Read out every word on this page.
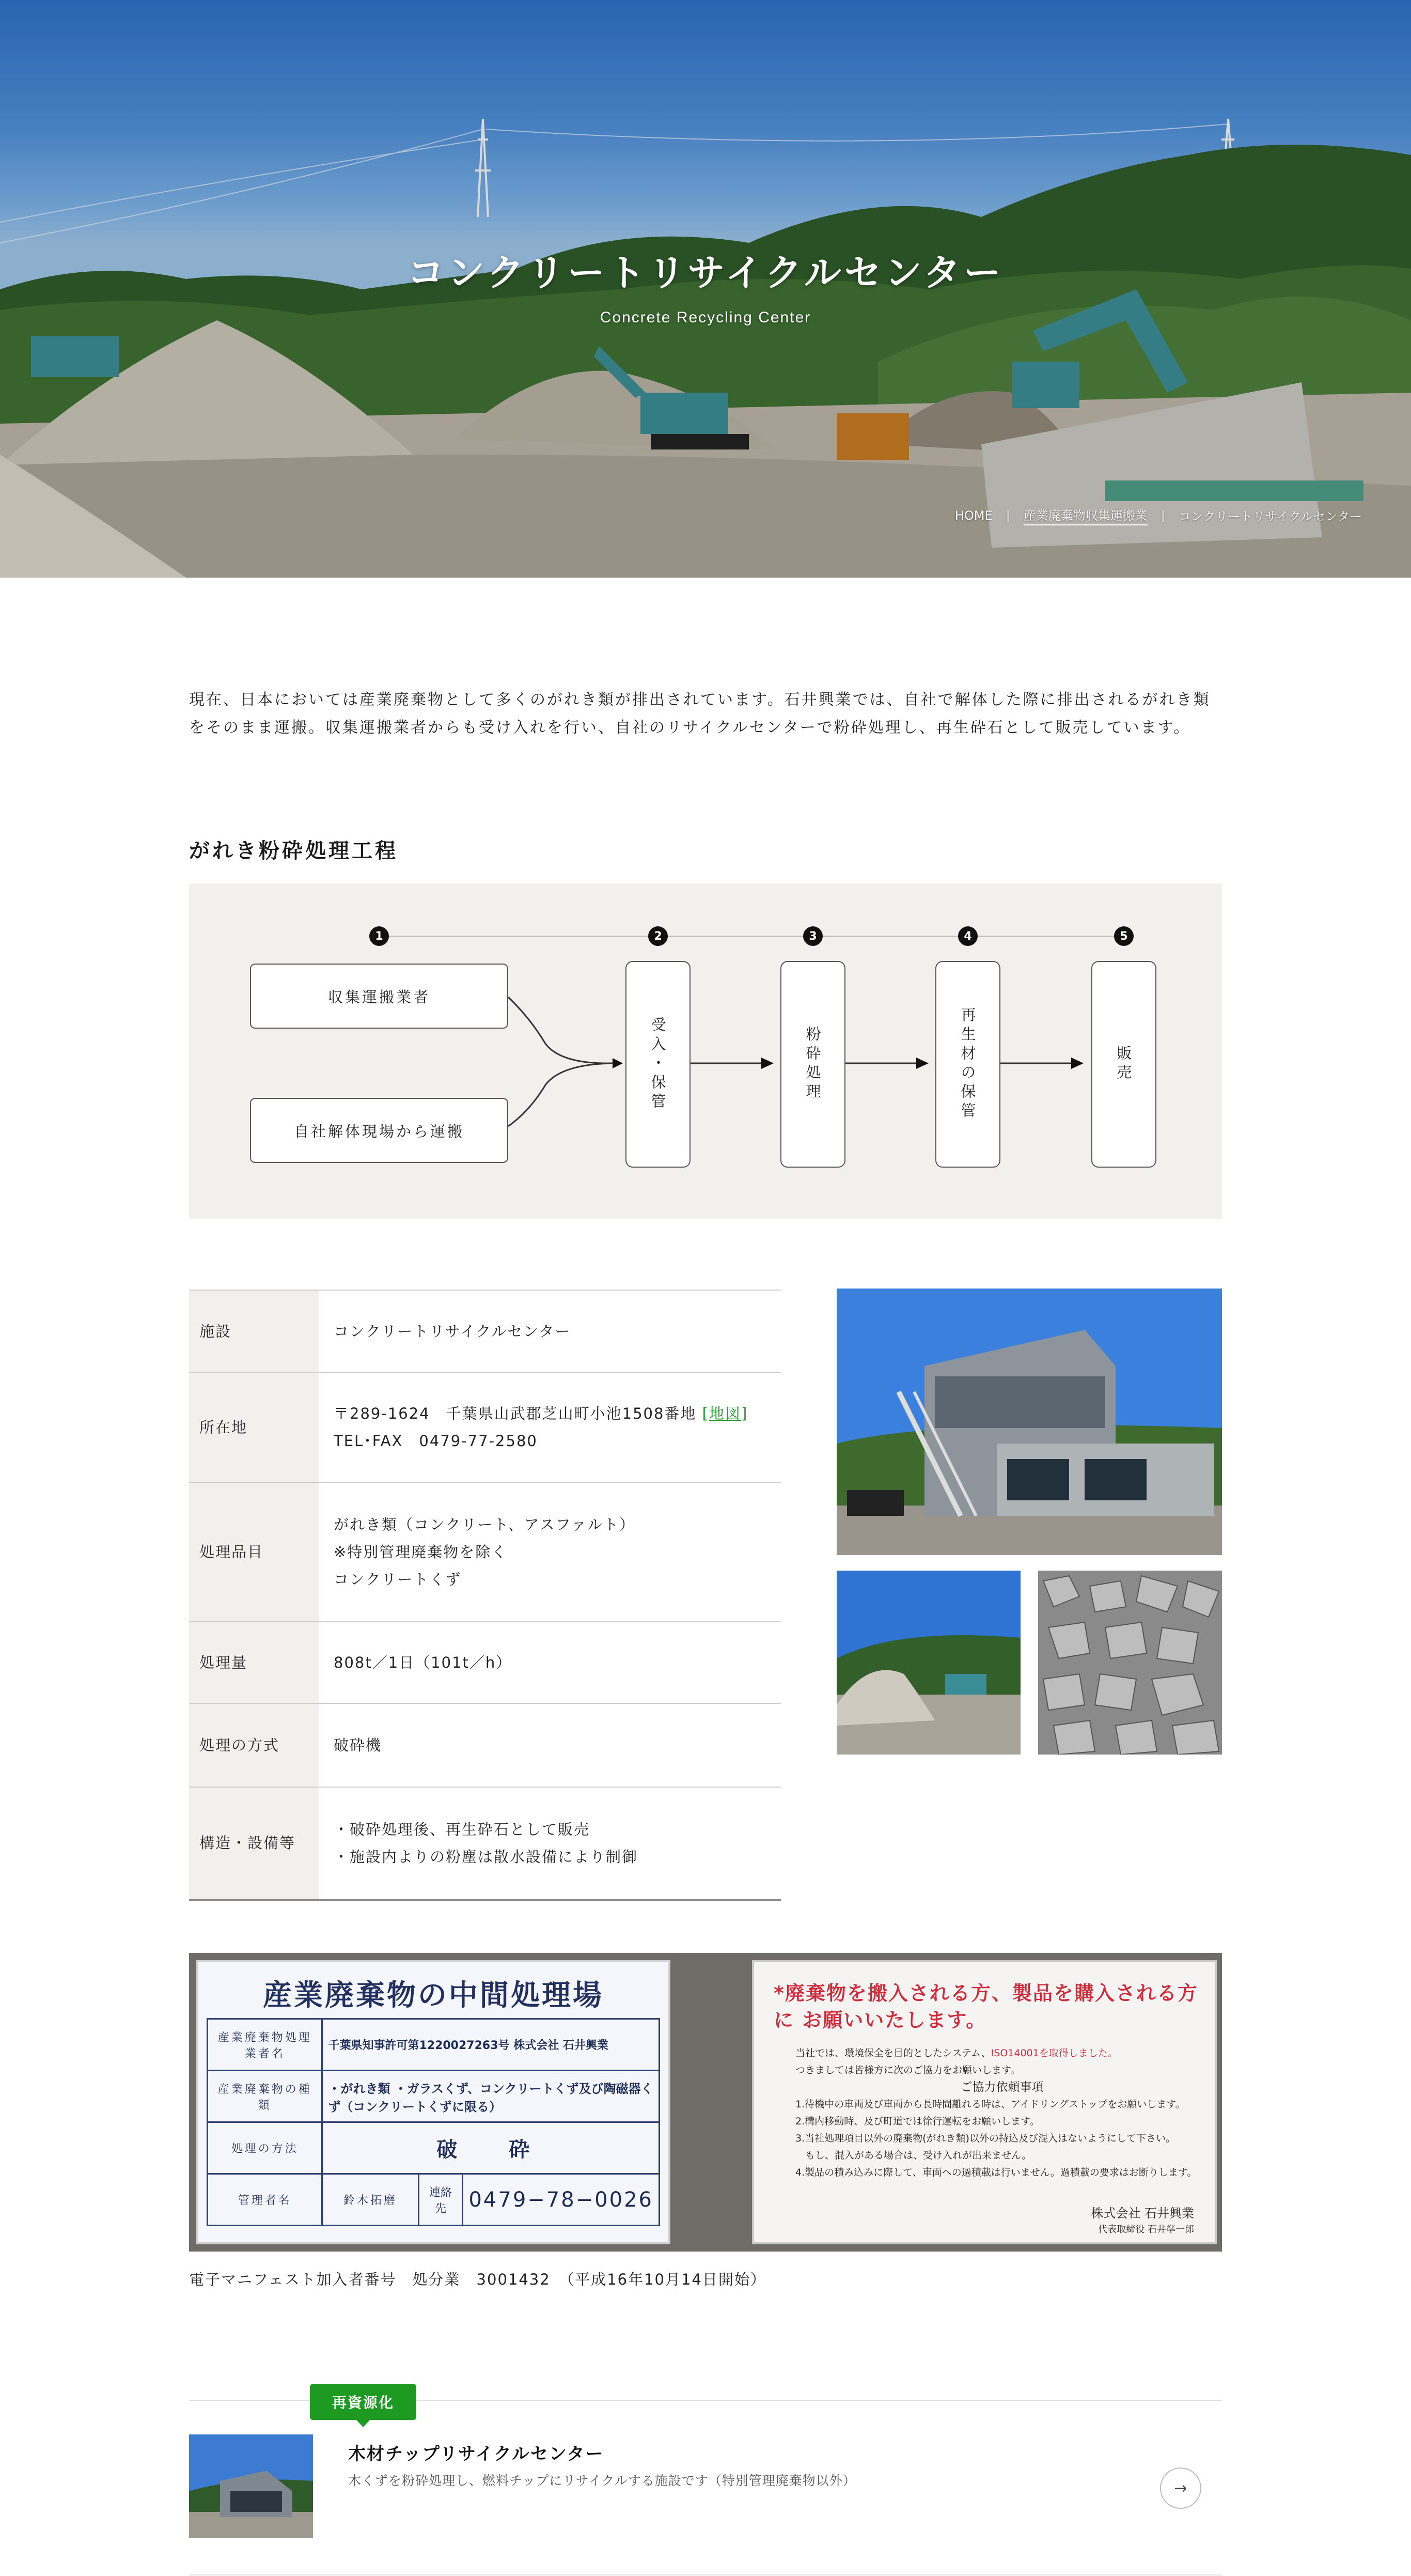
コンクリートリサイクルセンター
Concrete Recycling Center
HOME | 産業廃棄物収集運搬業 | コンクリートリサイクルセンター

現在、日本においては産業廃棄物として多くのがれき類が排出されています。石井興業では、自社で解体した際に排出されるがれき類をそのまま運搬。収集運搬業者からも受け入れを行い、自社のリサイクルセンターで粉砕処理し、再生砕石として販売しています。

がれき粉砕処理工程
1	2	3	4	5
収集運搬業者
自社解体現場から運搬
受入・保管	粉砕処理	再生材の保管	販売
施設	コンクリートリサイクルセンター

所在地	〒289-1624　千葉県山武郡芝山町小池1508番地 [地図]
TEL･FAX　0479-77-2580

処理品目	がれき類（コンクリート、アスファルト）
※特別管理廃棄物を除く
コンクリートくず

処理量	808t／1日（101t／h）

処理の方式	破砕機

構造・設備等	・破砕処理後、再生砕石として販売
・施設内よりの粉塵は散水設備により制御
産業廃棄物の中間処理場
産業廃棄物処理業者名	千葉県知事許可第1220027263号 株式会社 石井興業		
産業廃棄物の種類	・がれき類 ・ガラスくず、コンクリートくず及び陶磁器くず（コンクリートくずに限る）		
処理の方法	破　砕		
管理者名	鈴木拓磨	連絡先	0479−78−0026
*廃棄物を搬入される方、製品を購入される方に お願いいたします。
当社では、環境保全を目的としたシステム、ISO14001を取得しました。
つきましては皆様方に次のご協力をお願いします。
ご協力依頼事項
1.待機中の車両及び車両から長時間離れる時は、アイドリングストップをお願いします。
2.構内移動時、及び町道では徐行運転をお願いします。
3.当社処理項目以外の廃棄物(がれき類)以外の持込及び混入はないようにして下さい。
　もし、混入がある場合は、受け入れが出来ません。
4.製品の積み込みに際して、車両への過積載は行いません。過積載の要求はお断りします。
株式会社 石井興業
代表取締役 石井準一郎

電子マニフェスト加入者番号　処分業　3001432　（平成16年10月14日開始）

再資源化
木材チップリサイクルセンター
木くずを粉砕処理し、燃料チップにリサイクルする施設です（特別管理廃棄物以外）	→
